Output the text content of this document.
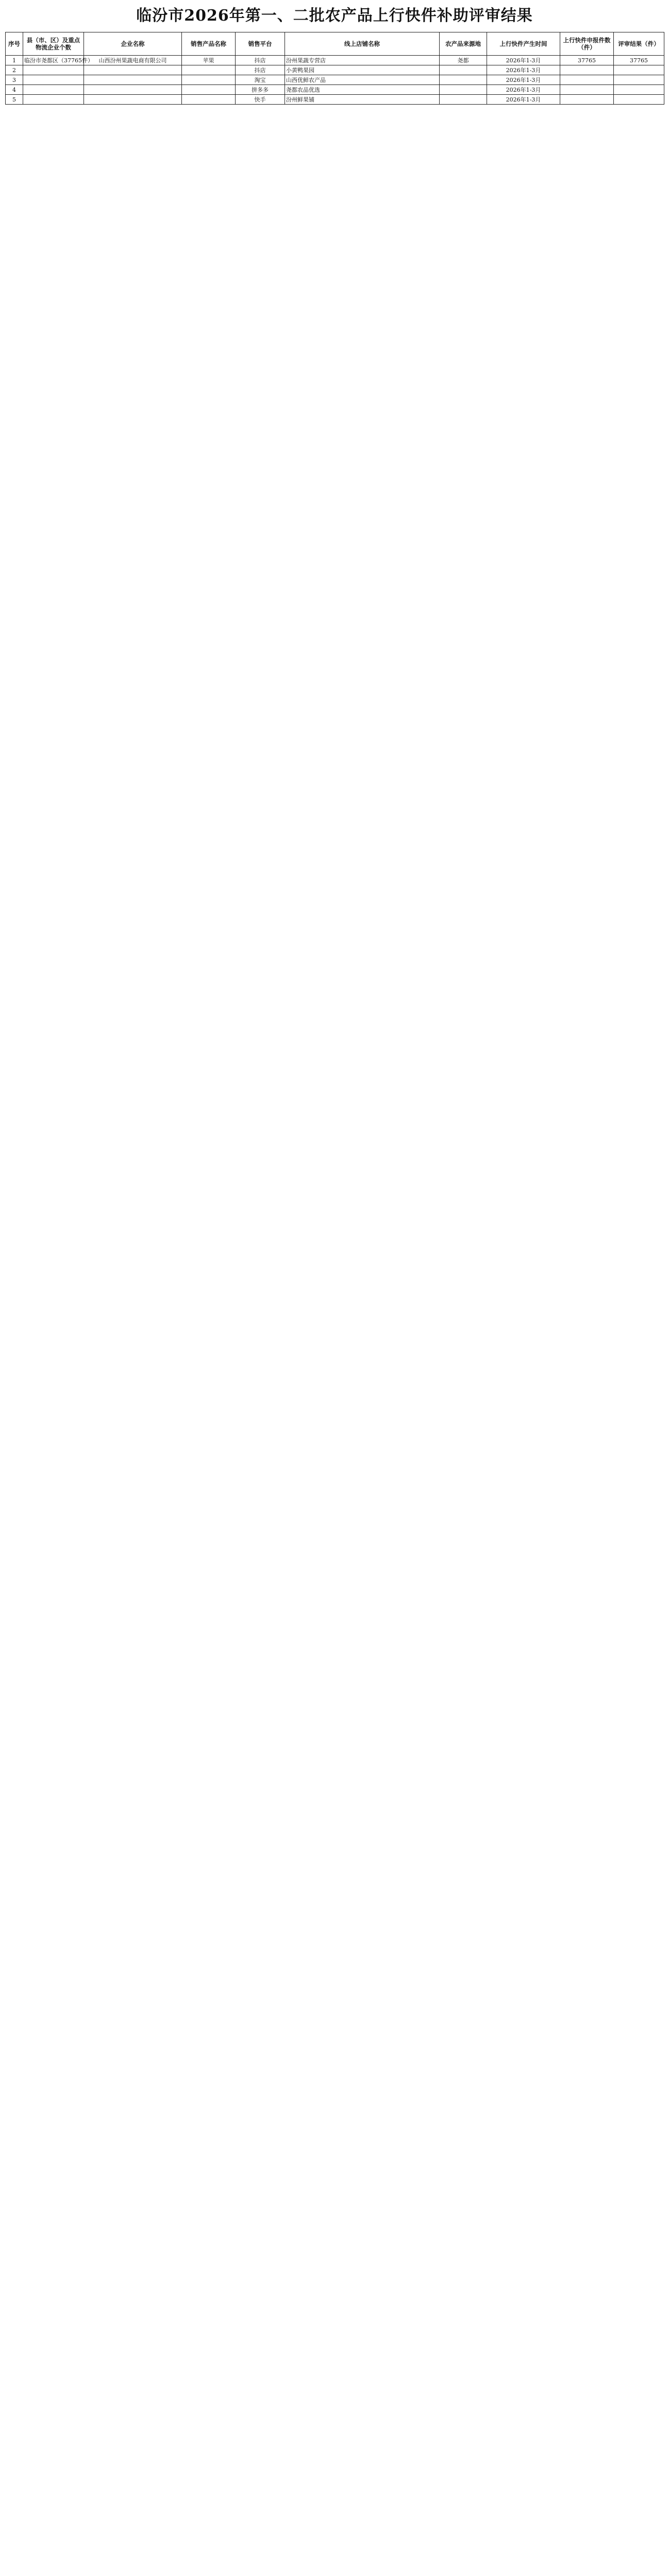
临汾市2026年第一、二批农产品上行快件补助评审结果
序号	县（市、区）及重点物流企业个数	企业名称	销售产品名称	销售平台	线上店铺名称	农产品来源地	上行快件产生时间	上行快件申报件数（件）	评审结果（件）
1	临汾市尧都区（37765件）	山西汾州果蔬电商有限公司	苹果	抖店	汾州果蔬专营店	尧都	2026年1-3月	37765	37765
2				抖店	小黄鸭果园		2026年1-3月		
3				淘宝	山西优鲜农产品		2026年1-3月		
4				拼多多	尧都农品优选		2026年1-3月		
5				快手	汾州鲜果铺		2026年1-3月		
